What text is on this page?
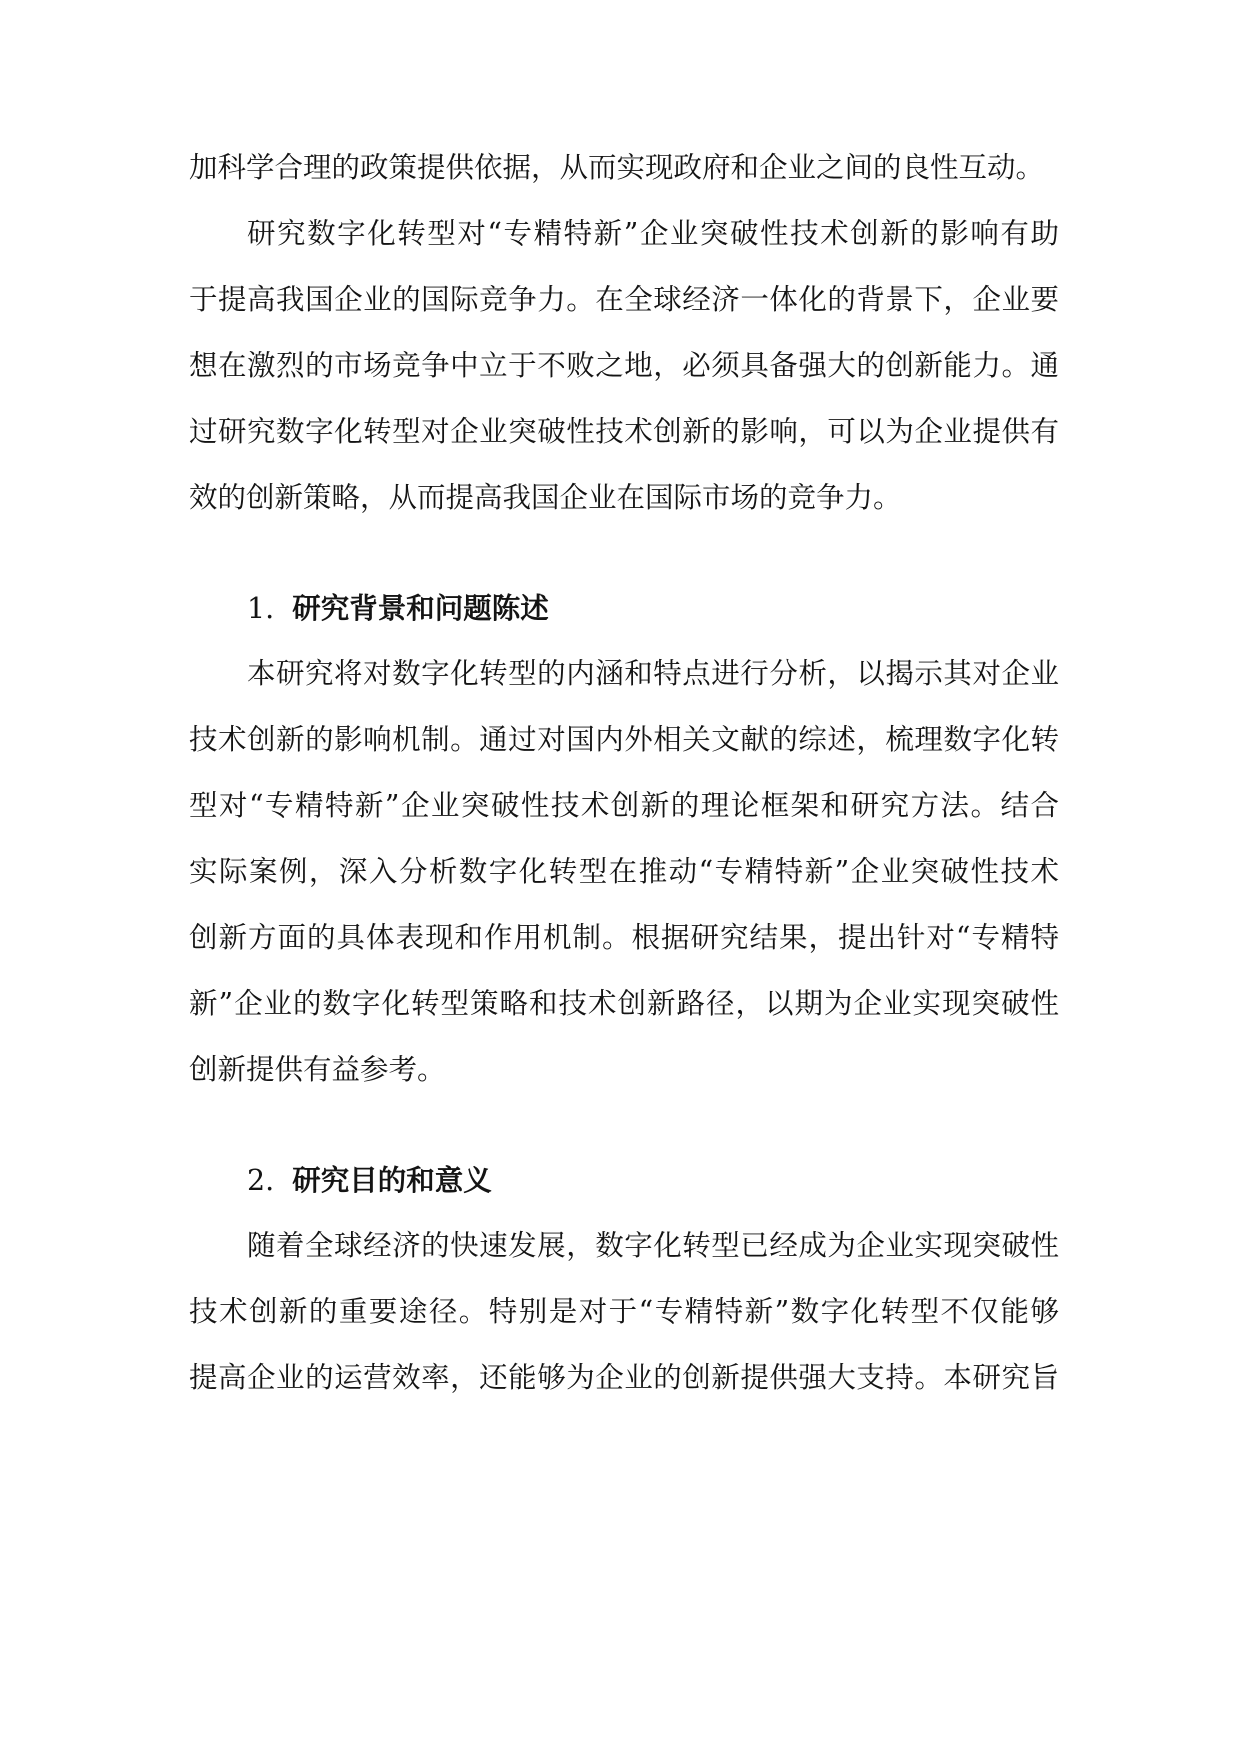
加科学合理的政策提供依据，从而实现政府和企业之间的良性互动。
研究数字化转型对“专精特新”企业突破性技术创新的影响有助
于提高我国企业的国际竞争力。在全球经济一体化的背景下，企业要
想在激烈的市场竞争中立于不败之地，必须具备强大的创新能力。通
过研究数字化转型对企业突破性技术创新的影响，可以为企业提供有
效的创新策略，从而提高我国企业在国际市场的竞争力。
1. 研究背景和问题陈述
本研究将对数字化转型的内涵和特点进行分析，以揭示其对企业
技术创新的影响机制。通过对国内外相关文献的综述，梳理数字化转
型对“专精特新”企业突破性技术创新的理论框架和研究方法。结合
实际案例，深入分析数字化转型在推动“专精特新”企业突破性技术
创新方面的具体表现和作用机制。根据研究结果，提出针对“专精特
新”企业的数字化转型策略和技术创新路径，以期为企业实现突破性
创新提供有益参考。
2. 研究目的和意义
随着全球经济的快速发展，数字化转型已经成为企业实现突破性
技术创新的重要途径。特别是对于“专精特新”数字化转型不仅能够
提高企业的运营效率，还能够为企业的创新提供强大支持。本研究旨
